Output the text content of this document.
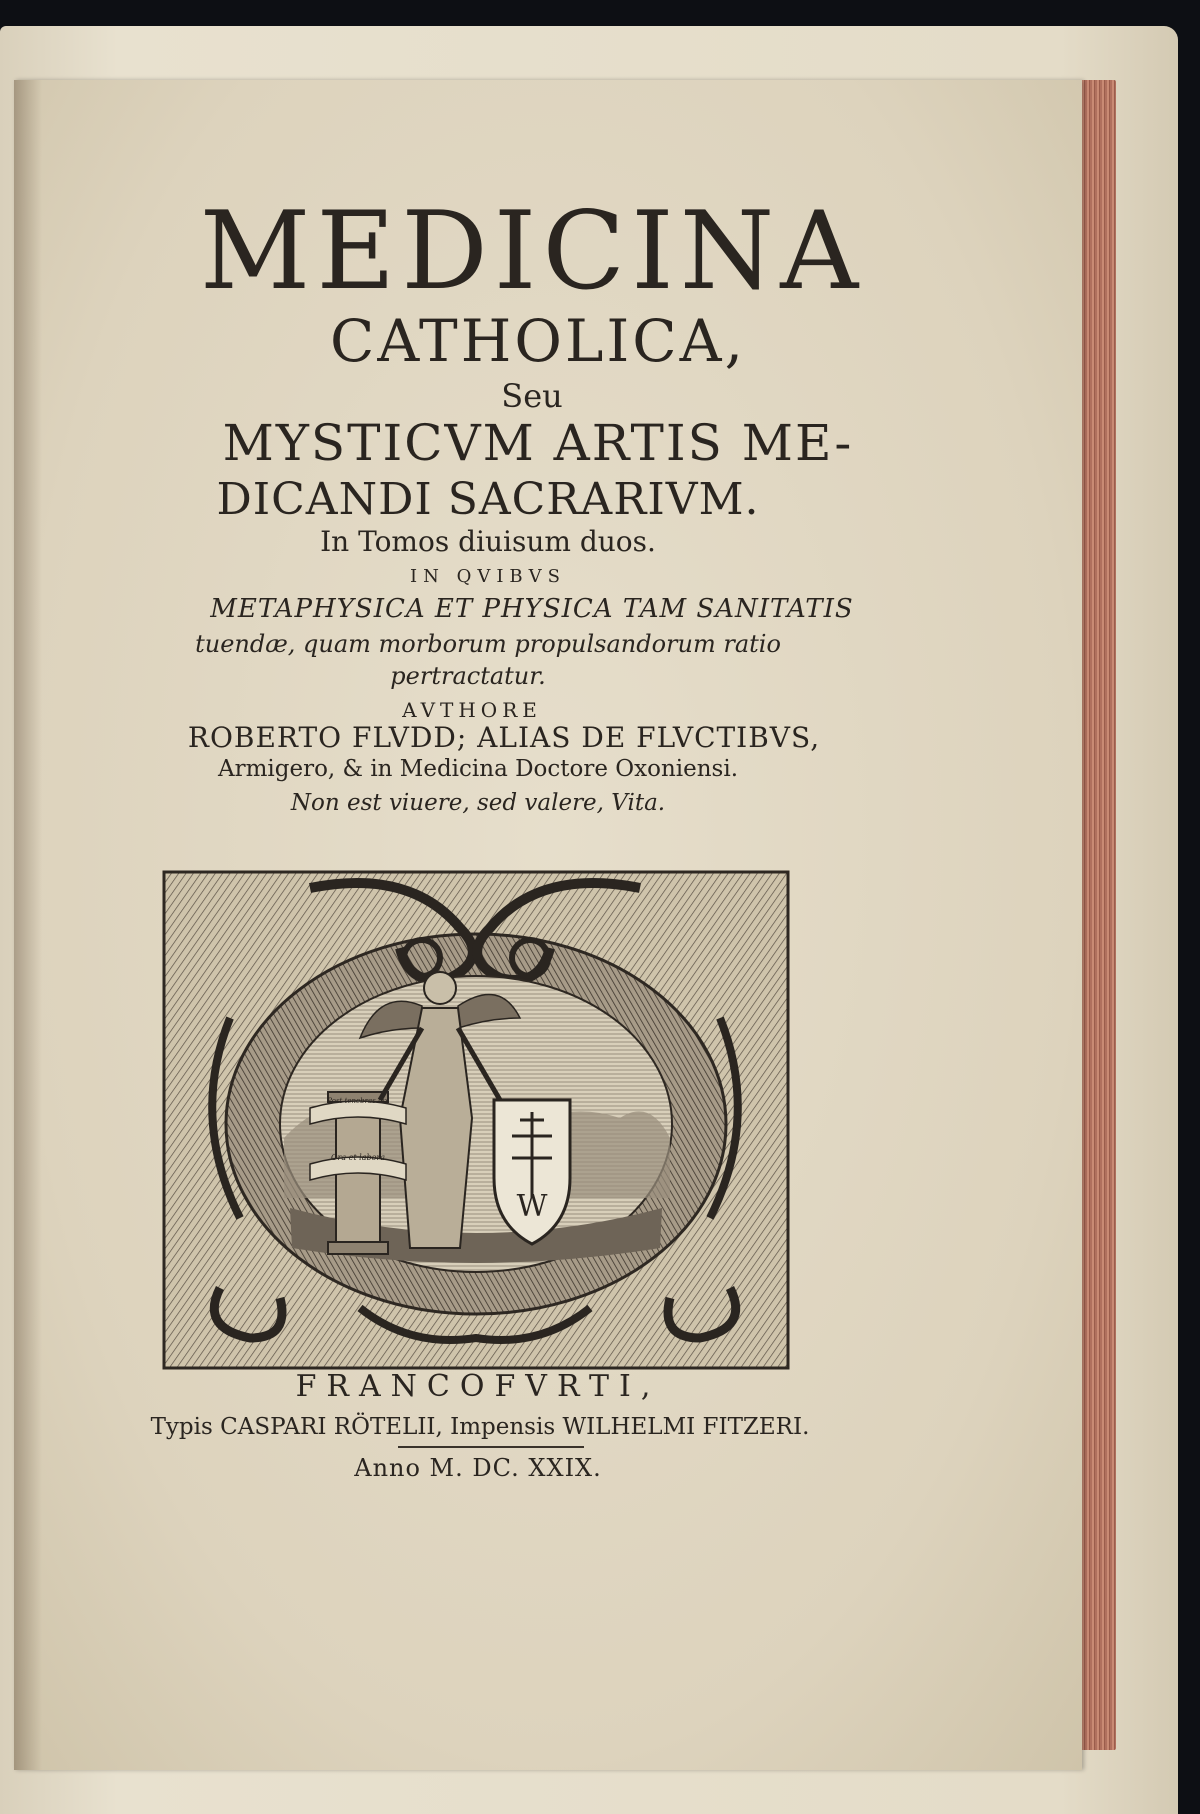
MEDICINA
CATHOLICA,
Seu
MYSTICVM ARTIS ME-
DICANDI SACRARIVM.
In Tomos diuisum duos.
IN QVIBVS
METAPHYSICA ET PHYSICA TAM SANITATIS
tuendæ, quam morborum propulsandorum ratio
pertractatur.
AVTHORE
ROBERTO FLVDD; ALIAS DE FLVCTIBVS,
Armigero, & in Medicina Doctore Oxoniensi.
Non est viuere, sed valere, Vita.
Post tenebras lux
Ora et labora
W
FRANCOFVRTI,
Typis CASPARI RÖTELII, Impensis WILHELMI FITZERI.
Anno M. DC. XXIX.
